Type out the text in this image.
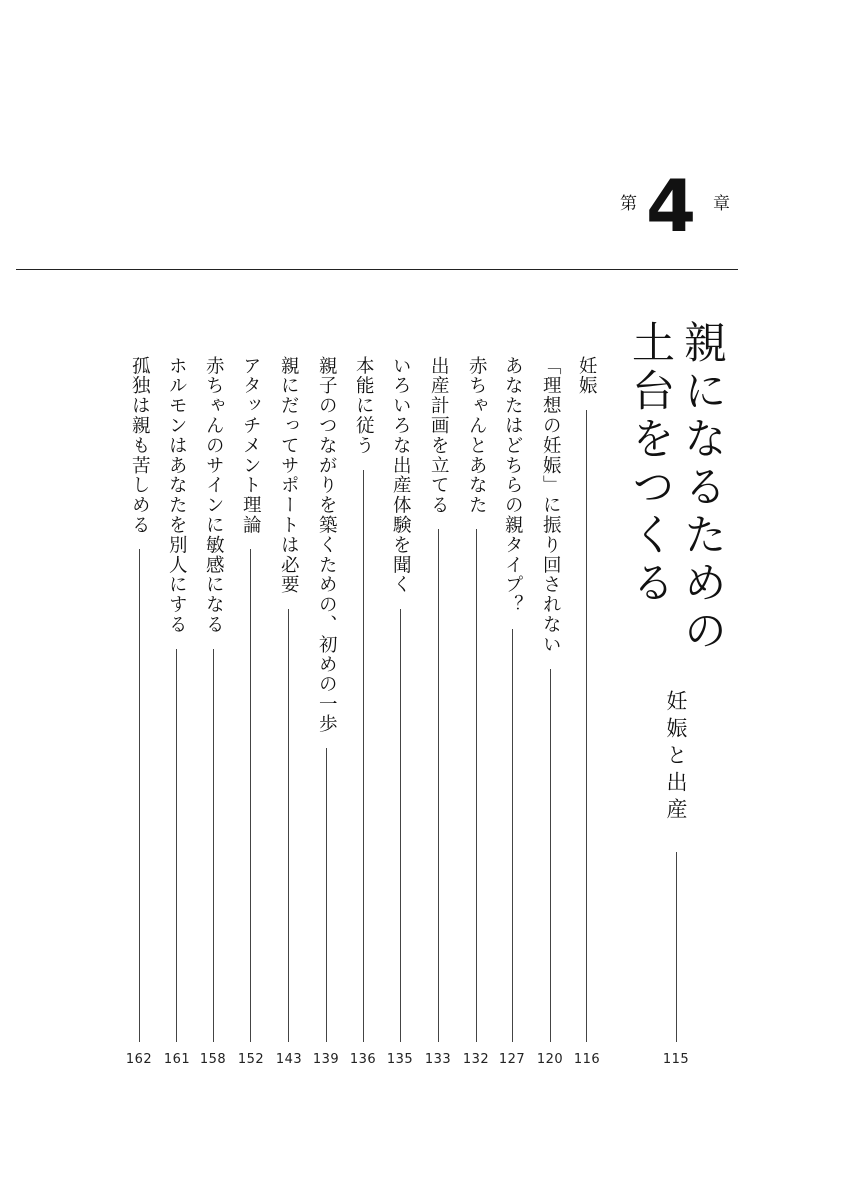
第 4 章
親になるための
土台をつくる
妊娠と出産
115
妊娠
「理想の妊娠」に振り回されない
あなたはどちらの親タイプ？
赤ちゃんとあなた
出産計画を立てる
いろいろな出産体験を聞く
本能に従う
親子のつながりを築くための、初めの一歩
親にだってサポートは必要
アタッチメント理論
赤ちゃんのサインに敏感になる
ホルモンはあなたを別人にする
孤独は親も苦しめる
116
120
127
132
133
135
136
139
143
152
158
161
162
